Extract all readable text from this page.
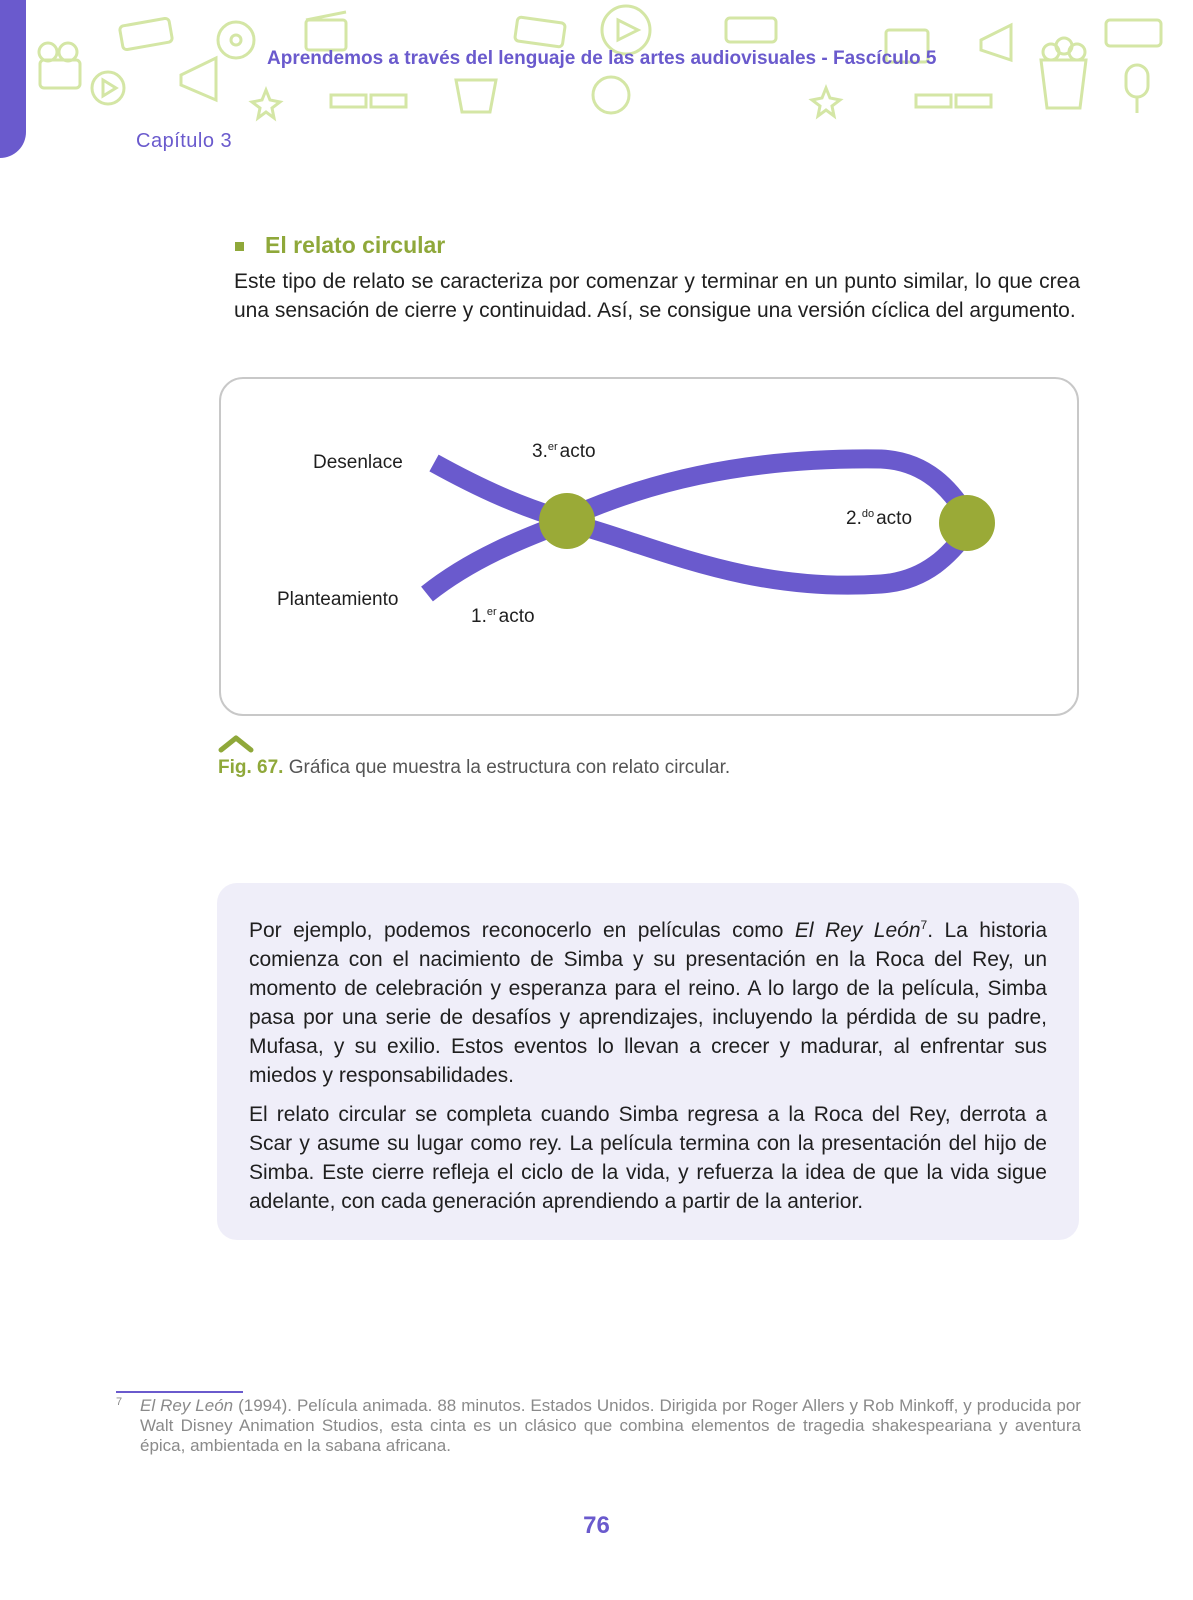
Aprendemos a través del lenguaje de las artes audiovisuales - Fascículo 5
Capítulo 3
El relato circular

Este tipo de relato se caracteriza por comenzar y terminar en un punto similar, lo que crea una sensación de cierre y continuidad. Así, se consigue una versión cíclica del argumento.

Desenlace
Planteamiento
3.$^{er}$ acto
2.$^{do}$ acto
1.$^{er}$ acto
Fig. 67. Gráfica que muestra la estructura con relato circular.

Por ejemplo, podemos reconocerlo en películas como El Rey León$^7$. La historia comienza con el nacimiento de Simba y su presentación en la Roca del Rey, un momento de celebración y esperanza para el reino. A lo largo de la película, Simba pasa por una serie de desafíos y aprendizajes, incluyendo la pérdida de su padre, Mufasa, y su exilio. Estos eventos lo llevan a crecer y madurar, al enfrentar sus miedos y responsabilidades.

El relato circular se completa cuando Simba regresa a la Roca del Rey, derrota a Scar y asume su lugar como rey. La película termina con la presentación del hijo de Simba. Este cierre refleja el ciclo de la vida, y refuerza la idea de que la vida sigue adelante, con cada generación aprendiendo a partir de la anterior.

7 El Rey León (1994). Película animada. 88 minutos. Estados Unidos. Dirigida por Roger Allers y Rob Minkoff, y producida por Walt Disney Animation Studios, esta cinta es un clásico que combina elementos de tragedia shakespeariana y aventura épica, ambientada en la sabana africana.
76
